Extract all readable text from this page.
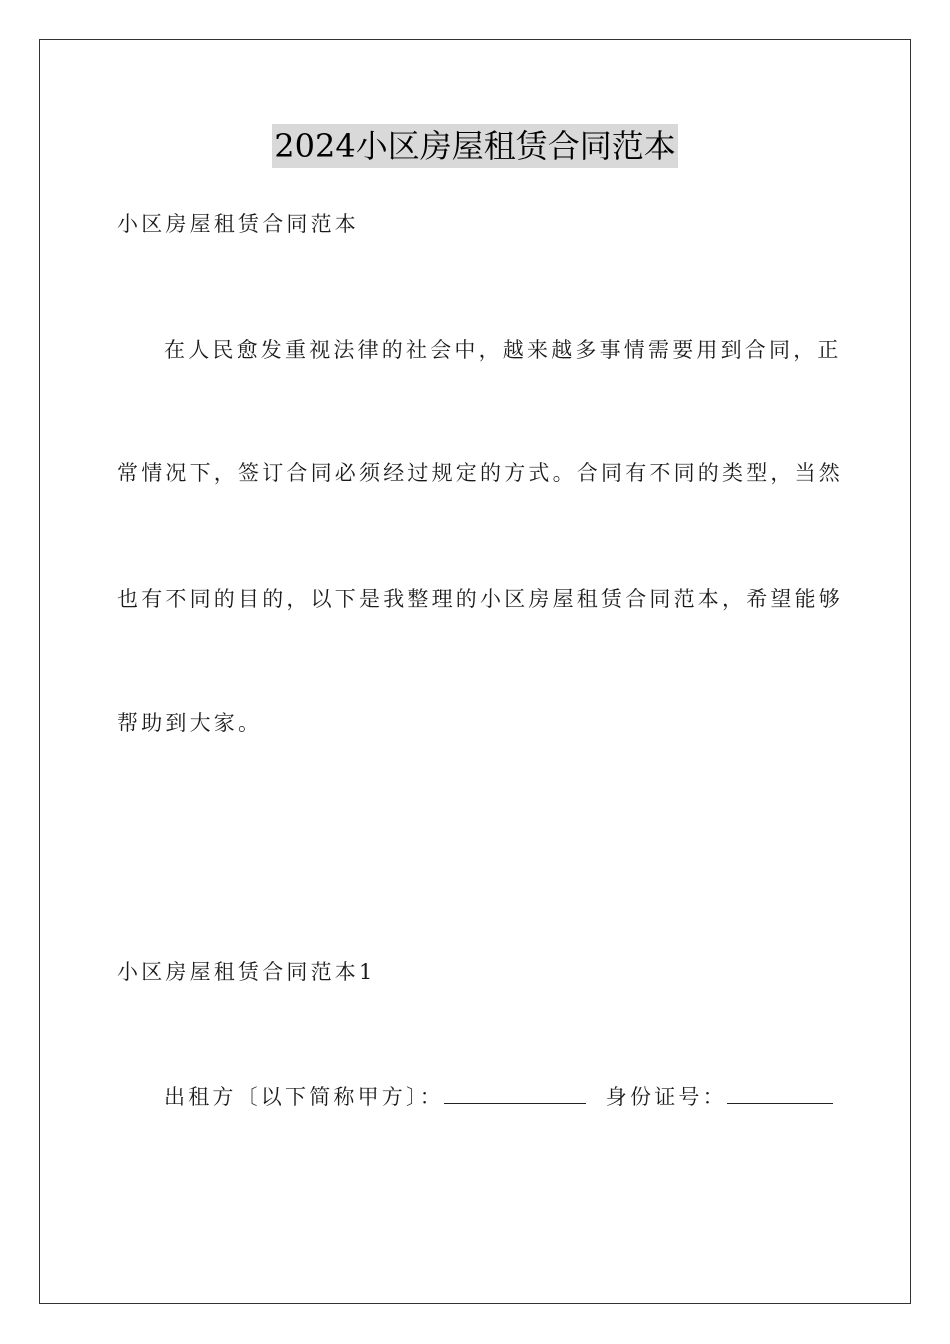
2024小区房屋租赁合同范本
小区房屋租赁合同范本
在人民愈发重视法律的社会中，越来越多事情需要用到合同，正
常情况下，签订合同必须经过规定的方式。合同有不同的类型，当然
也有不同的目的，以下是我整理的小区房屋租赁合同范本，希望能够
帮助到大家。
小区房屋租赁合同范本1
出租方〔以下简称甲方〕：	身份证号：
